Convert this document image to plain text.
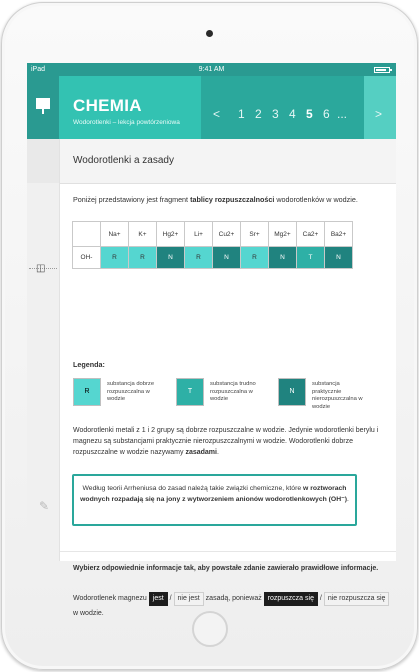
iPad	9:41 AM
CHEMIA
Wodorotlenki – lekcja powtórzeniowa
< 1 2 3 4 5 6 ... >
◫
✎
Wodorotlenki a zasady
Poniżej przedstawiony jest fragment tablicy rozpuszczalności wodorotlenków w wodzie.
	Na+	K+	Hg2+	Li+	Cu2+	Sr+	Mg2+	Ca2+	Ba2+
OH-	R	R	N	R	N	R	N	T	N
Legenda:
R
substancja dobrze rozpuszczalna w wodzie
T
substancja trudno rozpuszczalna w wodzie
N
substancja praktycznie nierozpuszczalna w wodzie
Wodorotlenki metali z 1 i 2 grupy są dobrze rozpuszczalne w wodzie. Jedynie wodorotlenki berylu i magnezu są substancjami praktycznie nierozpuszczalnymi w wodzie. Wodorotlenki dobrze rozpuszczalne w wodzie nazywamy zasadami.
Według teorii Arrheniusa do zasad należą takie związki chemiczne, które w roztworach wodnych rozpadają się na jony z wytworzeniem anionów wodorotlenkowych (OH⁻).
Wybierz odpowiednie informacje tak, aby powstałe zdanie zawierało prawidłowe informacje.
Wodorotlenek magnezu jest / nie jest zasadą, ponieważ rozpuszcza się / nie rozpuszcza się w wodzie.
